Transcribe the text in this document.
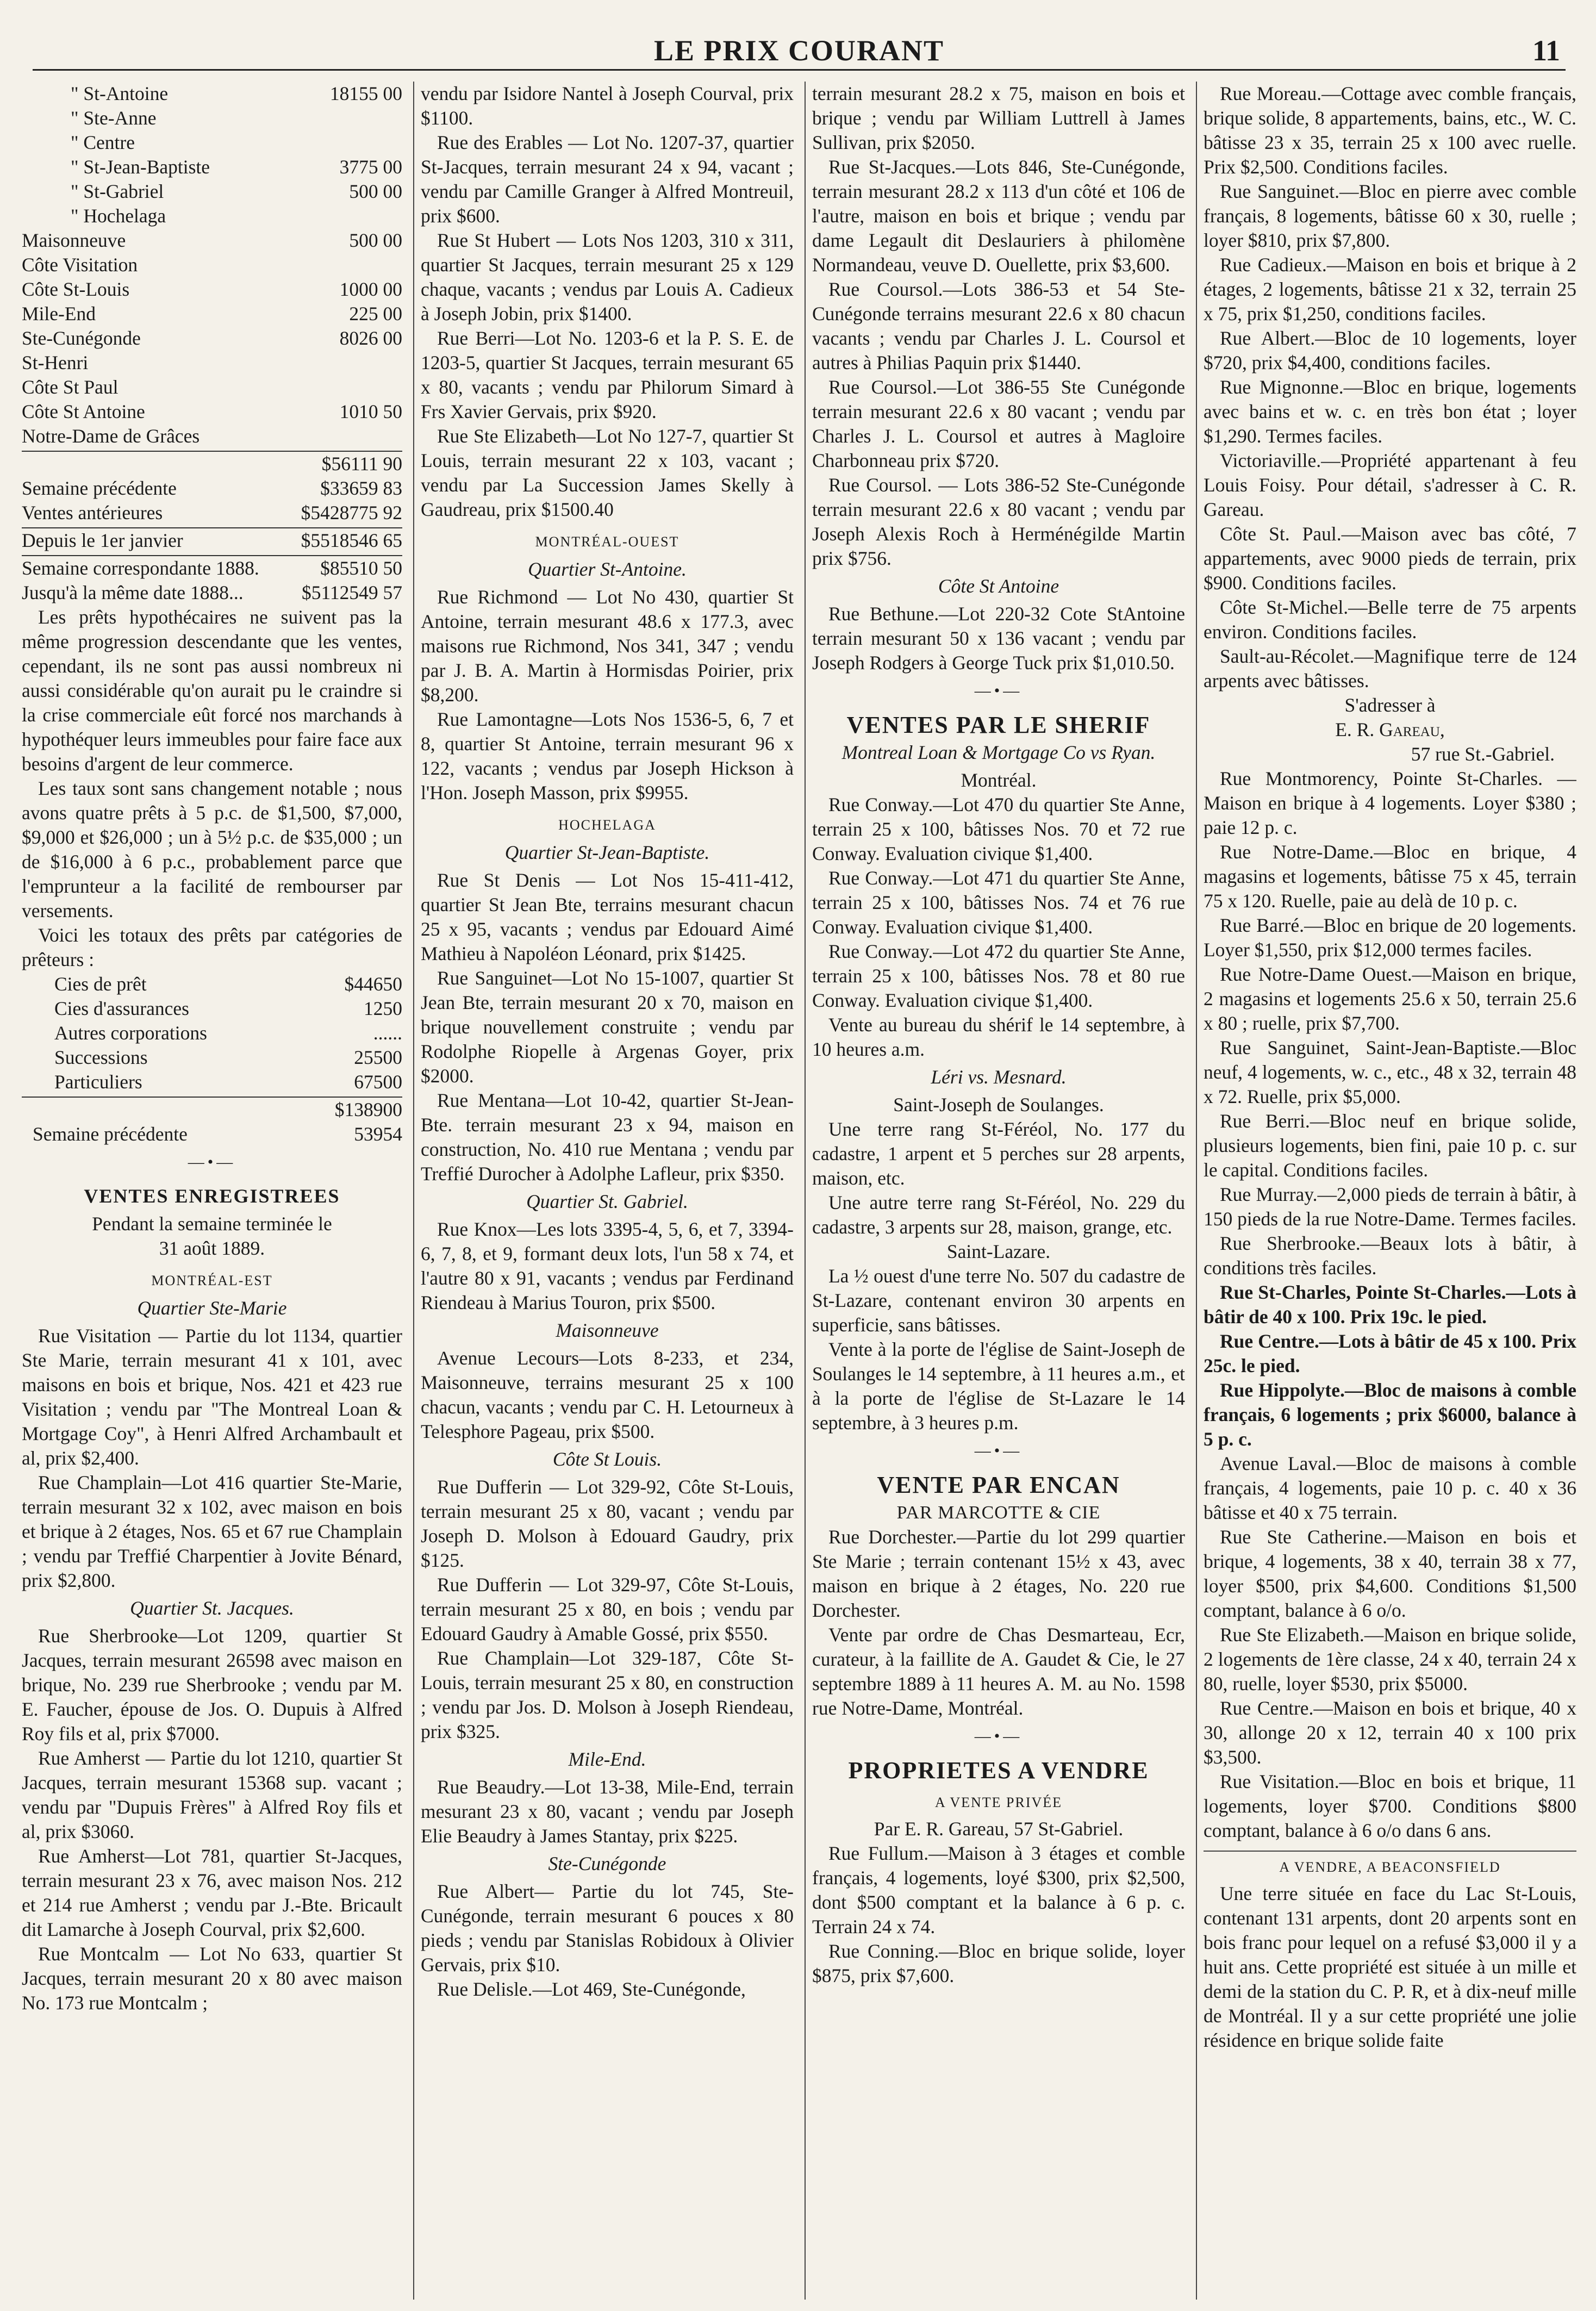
LE PRIX COURANT	11
" St-Antoine	18155 00
" Ste-Anne
" Centre
" St-Jean-Baptiste	3775 00
" St-Gabriel	500 00
" Hochelaga
Maisonneuve	500 00
Côte Visitation
Côte St-Louis	1000 00
Mile-End	225 00
Ste-Cunégonde	8026 00
St-Henri
Côte St Paul
Côte St Antoine	1010 50
Notre-Dame de Grâces
$56111 90
Semaine précédente	$33659 83
Ventes antérieures	$5428775 92
Depuis le 1er janvier	$5518546 65
Semaine correspondante 1888.	$85510 50
Jusqu'à la même date 1888...	$5112549 57

Les prêts hypothécaires ne suivent pas la même progression descendante que les ventes, cependant, ils ne sont pas aussi nombreux ni aussi considérable qu'on aurait pu le craindre si la crise commerciale eût forcé nos marchands à hypothéquer leurs immeubles pour faire face aux besoins d'argent de leur commerce.

Les taux sont sans changement notable ; nous avons quatre prêts à 5 p.c. de $1,500, $7,000, $9,000 et $26,000 ; un à 5½ p.c. de $35,000 ; un de $16,000 à 6 p.c., probablement parce que l'emprunteur a la facilité de rembourser par versements.

Voici les totaux des prêts par catégories de prêteurs :

Cies de prêt	$44650
Cies d'assurances	1250
Autres corporations	......
Successions	25500
Particuliers	67500
$138900
Semaine précédente	53954
—•—
VENTES ENREGISTREES
Pendant la semaine terminée le
31 août 1889.
MONTRÉAL-EST
Quartier Ste-Marie

Rue Visitation — Partie du lot 1134, quartier Ste Marie, terrain mesurant 41 x 101, avec maisons en bois et brique, Nos. 421 et 423 rue Visitation ; vendu par "The Montreal Loan & Mortgage Coy", à Henri Alfred Archambault et al, prix $2,400.

Rue Champlain—Lot 416 quartier Ste-Marie, terrain mesurant 32 x 102, avec maison en bois et brique à 2 étages, Nos. 65 et 67 rue Champlain ; vendu par Treffié Charpentier à Jovite Bénard, prix $2,800.

Quartier St. Jacques.

Rue Sherbrooke—Lot 1209, quartier St Jacques, terrain mesurant 26598 avec maison en brique, No. 239 rue Sherbrooke ; vendu par M. E. Faucher, épouse de Jos. O. Dupuis à Alfred Roy fils et al, prix $7000.

Rue Amherst — Partie du lot 1210, quartier St Jacques, terrain mesurant 15368 sup. vacant ; vendu par "Dupuis Frères" à Alfred Roy fils et al, prix $3060.

Rue Amherst—Lot 781, quartier St-Jacques, terrain mesurant 23 x 76, avec maison Nos. 212 et 214 rue Amherst ; vendu par J.-Bte. Bricault dit Lamarche à Joseph Courval, prix $2,600.

Rue Montcalm — Lot No 633, quartier St Jacques, terrain mesurant 20 x 80 avec maison No. 173 rue Montcalm ;

vendu par Isidore Nantel à Joseph Courval, prix $1100.

Rue des Erables — Lot No. 1207-37, quartier St-Jacques, terrain mesurant 24 x 94, vacant ; vendu par Camille Granger à Alfred Montreuil, prix $600.

Rue St Hubert — Lots Nos 1203, 310 x 311, quartier St Jacques, terrain mesurant 25 x 129 chaque, vacants ; vendus par Louis A. Cadieux à Joseph Jobin, prix $1400.

Rue Berri—Lot No. 1203-6 et la P. S. E. de 1203-5, quartier St Jacques, terrain mesurant 65 x 80, vacants ; vendu par Philorum Simard à Frs Xavier Gervais, prix $920.

Rue Ste Elizabeth—Lot No 127-7, quartier St Louis, terrain mesurant 22 x 103, vacant ; vendu par La Succession James Skelly à Gaudreau, prix $1500.40

MONTRÉAL-OUEST
Quartier St-Antoine.

Rue Richmond — Lot No 430, quartier St Antoine, terrain mesurant 48.6 x 177.3, avec maisons rue Richmond, Nos 341, 347 ; vendu par J. B. A. Martin à Hormisdas Poirier, prix $8,200.

Rue Lamontagne—Lots Nos 1536-5, 6, 7 et 8, quartier St Antoine, terrain mesurant 96 x 122, vacants ; vendus par Joseph Hickson à l'Hon. Joseph Masson, prix $9955.

HOCHELAGA
Quartier St-Jean-Baptiste.

Rue St Denis — Lot Nos 15-411-412, quartier St Jean Bte, terrains mesurant chacun 25 x 95, vacants ; vendus par Edouard Aimé Mathieu à Napoléon Léonard, prix $1425.

Rue Sanguinet—Lot No 15-1007, quartier St Jean Bte, terrain mesurant 20 x 70, maison en brique nouvellement construite ; vendu par Rodolphe Riopelle à Argenas Goyer, prix $2000.

Rue Mentana—Lot 10-42, quartier St-Jean-Bte. terrain mesurant 23 x 94, maison en construction, No. 410 rue Mentana ; vendu par Treffié Durocher à Adolphe Lafleur, prix $350.

Quartier St. Gabriel.

Rue Knox—Les lots 3395-4, 5, 6, et 7, 3394-6, 7, 8, et 9, formant deux lots, l'un 58 x 74, et l'autre 80 x 91, vacants ; vendus par Ferdinand Riendeau à Marius Touron, prix $500.

Maisonneuve

Avenue Lecours—Lots 8-233, et 234, Maisonneuve, terrains mesurant 25 x 100 chacun, vacants ; vendu par C. H. Letourneux à Telesphore Pageau, prix $500.

Côte St Louis.

Rue Dufferin — Lot 329-92, Côte St-Louis, terrain mesurant 25 x 80, vacant ; vendu par Joseph D. Molson à Edouard Gaudry, prix $125.

Rue Dufferin — Lot 329-97, Côte St-Louis, terrain mesurant 25 x 80, en bois ; vendu par Edouard Gaudry à Amable Gossé, prix $550.

Rue Champlain—Lot 329-187, Côte St-Louis, terrain mesurant 25 x 80, en construction ; vendu par Jos. D. Molson à Joseph Riendeau, prix $325.

Mile-End.

Rue Beaudry.—Lot 13-38, Mile-End, terrain mesurant 23 x 80, vacant ; vendu par Joseph Elie Beaudry à James Stantay, prix $225.

Ste-Cunégonde

Rue Albert— Partie du lot 745, Ste-Cunégonde, terrain mesurant 6 pouces x 80 pieds ; vendu par Stanislas Robidoux à Olivier Gervais, prix $10.

Rue Delisle.—Lot 469, Ste-Cunégonde,

terrain mesurant 28.2 x 75, maison en bois et brique ; vendu par William Luttrell à James Sullivan, prix $2050.

Rue St-Jacques.—Lots 846, Ste-Cunégonde, terrain mesurant 28.2 x 113 d'un côté et 106 de l'autre, maison en bois et brique ; vendu par dame Legault dit Deslauriers à philomène Normandeau, veuve D. Ouellette, prix $3,600.

Rue Coursol.—Lots 386-53 et 54 Ste-Cunégonde terrains mesurant 22.6 x 80 chacun vacants ; vendu par Charles J. L. Coursol et autres à Philias Paquin prix $1440.

Rue Coursol.—Lot 386-55 Ste Cunégonde terrain mesurant 22.6 x 80 vacant ; vendu par Charles J. L. Coursol et autres à Magloire Charbonneau prix $720.

Rue Coursol. — Lots 386-52 Ste-Cunégonde terrain mesurant 22.6 x 80 vacant ; vendu par Joseph Alexis Roch à Herménégilde Martin prix $756.

Côte St Antoine

Rue Bethune.—Lot 220-32 Cote StAntoine terrain mesurant 50 x 136 vacant ; vendu par Joseph Rodgers à George Tuck prix $1,010.50.

—•—
VENTES PAR LE SHERIF
Montreal Loan & Mortgage Co vs Ryan.
Montréal.

Rue Conway.—Lot 470 du quartier Ste Anne, terrain 25 x 100, bâtisses Nos. 70 et 72 rue Conway. Evaluation civique $1,400.

Rue Conway.—Lot 471 du quartier Ste Anne, terrain 25 x 100, bâtisses Nos. 74 et 76 rue Conway. Evaluation civique $1,400.

Rue Conway.—Lot 472 du quartier Ste Anne, terrain 25 x 100, bâtisses Nos. 78 et 80 rue Conway. Evaluation civique $1,400.

Vente au bureau du shérif le 14 septembre, à 10 heures a.m.

Léri vs. Mesnard.
Saint-Joseph de Soulanges.

Une terre rang St-Féréol, No. 177 du cadastre, 1 arpent et 5 perches sur 28 arpents, maison, etc.

Une autre terre rang St-Féréol, No. 229 du cadastre, 3 arpents sur 28, maison, grange, etc.

Saint-Lazare.

La ½ ouest d'une terre No. 507 du cadastre de St-Lazare, contenant environ 30 arpents en superficie, sans bâtisses.

Vente à la porte de l'église de Saint-Joseph de Soulanges le 14 septembre, à 11 heures a.m., et à la porte de l'église de St-Lazare le 14 septembre, à 3 heures p.m.

—•—
VENTE PAR ENCAN
PAR MARCOTTE & CIE

Rue Dorchester.—Partie du lot 299 quartier Ste Marie ; terrain contenant 15½ x 43, avec maison en brique à 2 étages, No. 220 rue Dorchester.

Vente par ordre de Chas Desmarteau, Ecr, curateur, à la faillite de A. Gaudet & Cie, le 27 septembre 1889 à 11 heures A. M. au No. 1598 rue Notre-Dame, Montréal.

—•—
PROPRIETES A VENDRE
A VENTE PRIVÉE
Par E. R. Gareau, 57 St-Gabriel.

Rue Fullum.—Maison à 3 étages et comble français, 4 logements, loyé $300, prix $2,500, dont $500 comptant et la balance à 6 p. c. Terrain 24 x 74.

Rue Conning.—Bloc en brique solide, loyer $875, prix $7,600.

Rue Moreau.—Cottage avec comble français, brique solide, 8 appartements, bains, etc., W. C. bâtisse 23 x 35, terrain 25 x 100 avec ruelle. Prix $2,500. Conditions faciles.

Rue Sanguinet.—Bloc en pierre avec comble français, 8 logements, bâtisse 60 x 30, ruelle ; loyer $810, prix $7,800.

Rue Cadieux.—Maison en bois et brique à 2 étages, 2 logements, bâtisse 21 x 32, terrain 25 x 75, prix $1,250, conditions faciles.

Rue Albert.—Bloc de 10 logements, loyer $720, prix $4,400, conditions faciles.

Rue Mignonne.—Bloc en brique, logements avec bains et w. c. en très bon état ; loyer $1,290. Termes faciles.

Victoriaville.—Propriété appartenant à feu Louis Foisy. Pour détail, s'adresser à C. R. Gareau.

Côte St. Paul.—Maison avec bas côté, 7 appartements, avec 9000 pieds de terrain, prix $900. Conditions faciles.

Côte St-Michel.—Belle terre de 75 arpents environ. Conditions faciles.

Sault-au-Récolet.—Magnifique terre de 124 arpents avec bâtisses.

S'adresser à
E. R. Gareau,
57 rue St.-Gabriel.

Rue Montmorency, Pointe St-Charles. —Maison en brique à 4 logements. Loyer $380 ; paie 12 p. c.

Rue Notre-Dame.—Bloc en brique, 4 magasins et logements, bâtisse 75 x 45, terrain 75 x 120. Ruelle, paie au delà de 10 p. c.

Rue Barré.—Bloc en brique de 20 logements. Loyer $1,550, prix $12,000 termes faciles.

Rue Notre-Dame Ouest.—Maison en brique, 2 magasins et logements 25.6 x 50, terrain 25.6 x 80 ; ruelle, prix $7,700.

Rue Sanguinet, Saint-Jean-Baptiste.—Bloc neuf, 4 logements, w. c., etc., 48 x 32, terrain 48 x 72. Ruelle, prix $5,000.

Rue Berri.—Bloc neuf en brique solide, plusieurs logements, bien fini, paie 10 p. c. sur le capital. Conditions faciles.

Rue Murray.—2,000 pieds de terrain à bâtir, à 150 pieds de la rue Notre-Dame. Termes faciles.

Rue Sherbrooke.—Beaux lots à bâtir, à conditions très faciles.

Rue St-Charles, Pointe St-Charles.—Lots à bâtir de 40 x 100. Prix 19c. le pied.

Rue Centre.—Lots à bâtir de 45 x 100. Prix 25c. le pied.

Rue Hippolyte.—Bloc de maisons à comble français, 6 logements ; prix $6000, balance à 5 p. c.

Avenue Laval.—Bloc de maisons à comble français, 4 logements, paie 10 p. c. 40 x 36 bâtisse et 40 x 75 terrain.

Rue Ste Catherine.—Maison en bois et brique, 4 logements, 38 x 40, terrain 38 x 77, loyer $500, prix $4,600. Conditions $1,500 comptant, balance à 6 o/o.

Rue Ste Elizabeth.—Maison en brique solide, 2 logements de 1ère classe, 24 x 40, terrain 24 x 80, ruelle, loyer $530, prix $5000.

Rue Centre.—Maison en bois et brique, 40 x 30, allonge 20 x 12, terrain 40 x 100 prix $3,500.

Rue Visitation.—Bloc en bois et brique, 11 logements, loyer $700. Conditions $800 comptant, balance à 6 o/o dans 6 ans.

A VENDRE, A BEACONSFIELD

Une terre située en face du Lac St-Louis, contenant 131 arpents, dont 20 arpents sont en bois franc pour lequel on a refusé $3,000 il y a huit ans. Cette propriété est située à un mille et demi de la station du C. P. R, et à dix-neuf mille de Montréal. Il y a sur cette propriété une jolie résidence en brique solide faite
